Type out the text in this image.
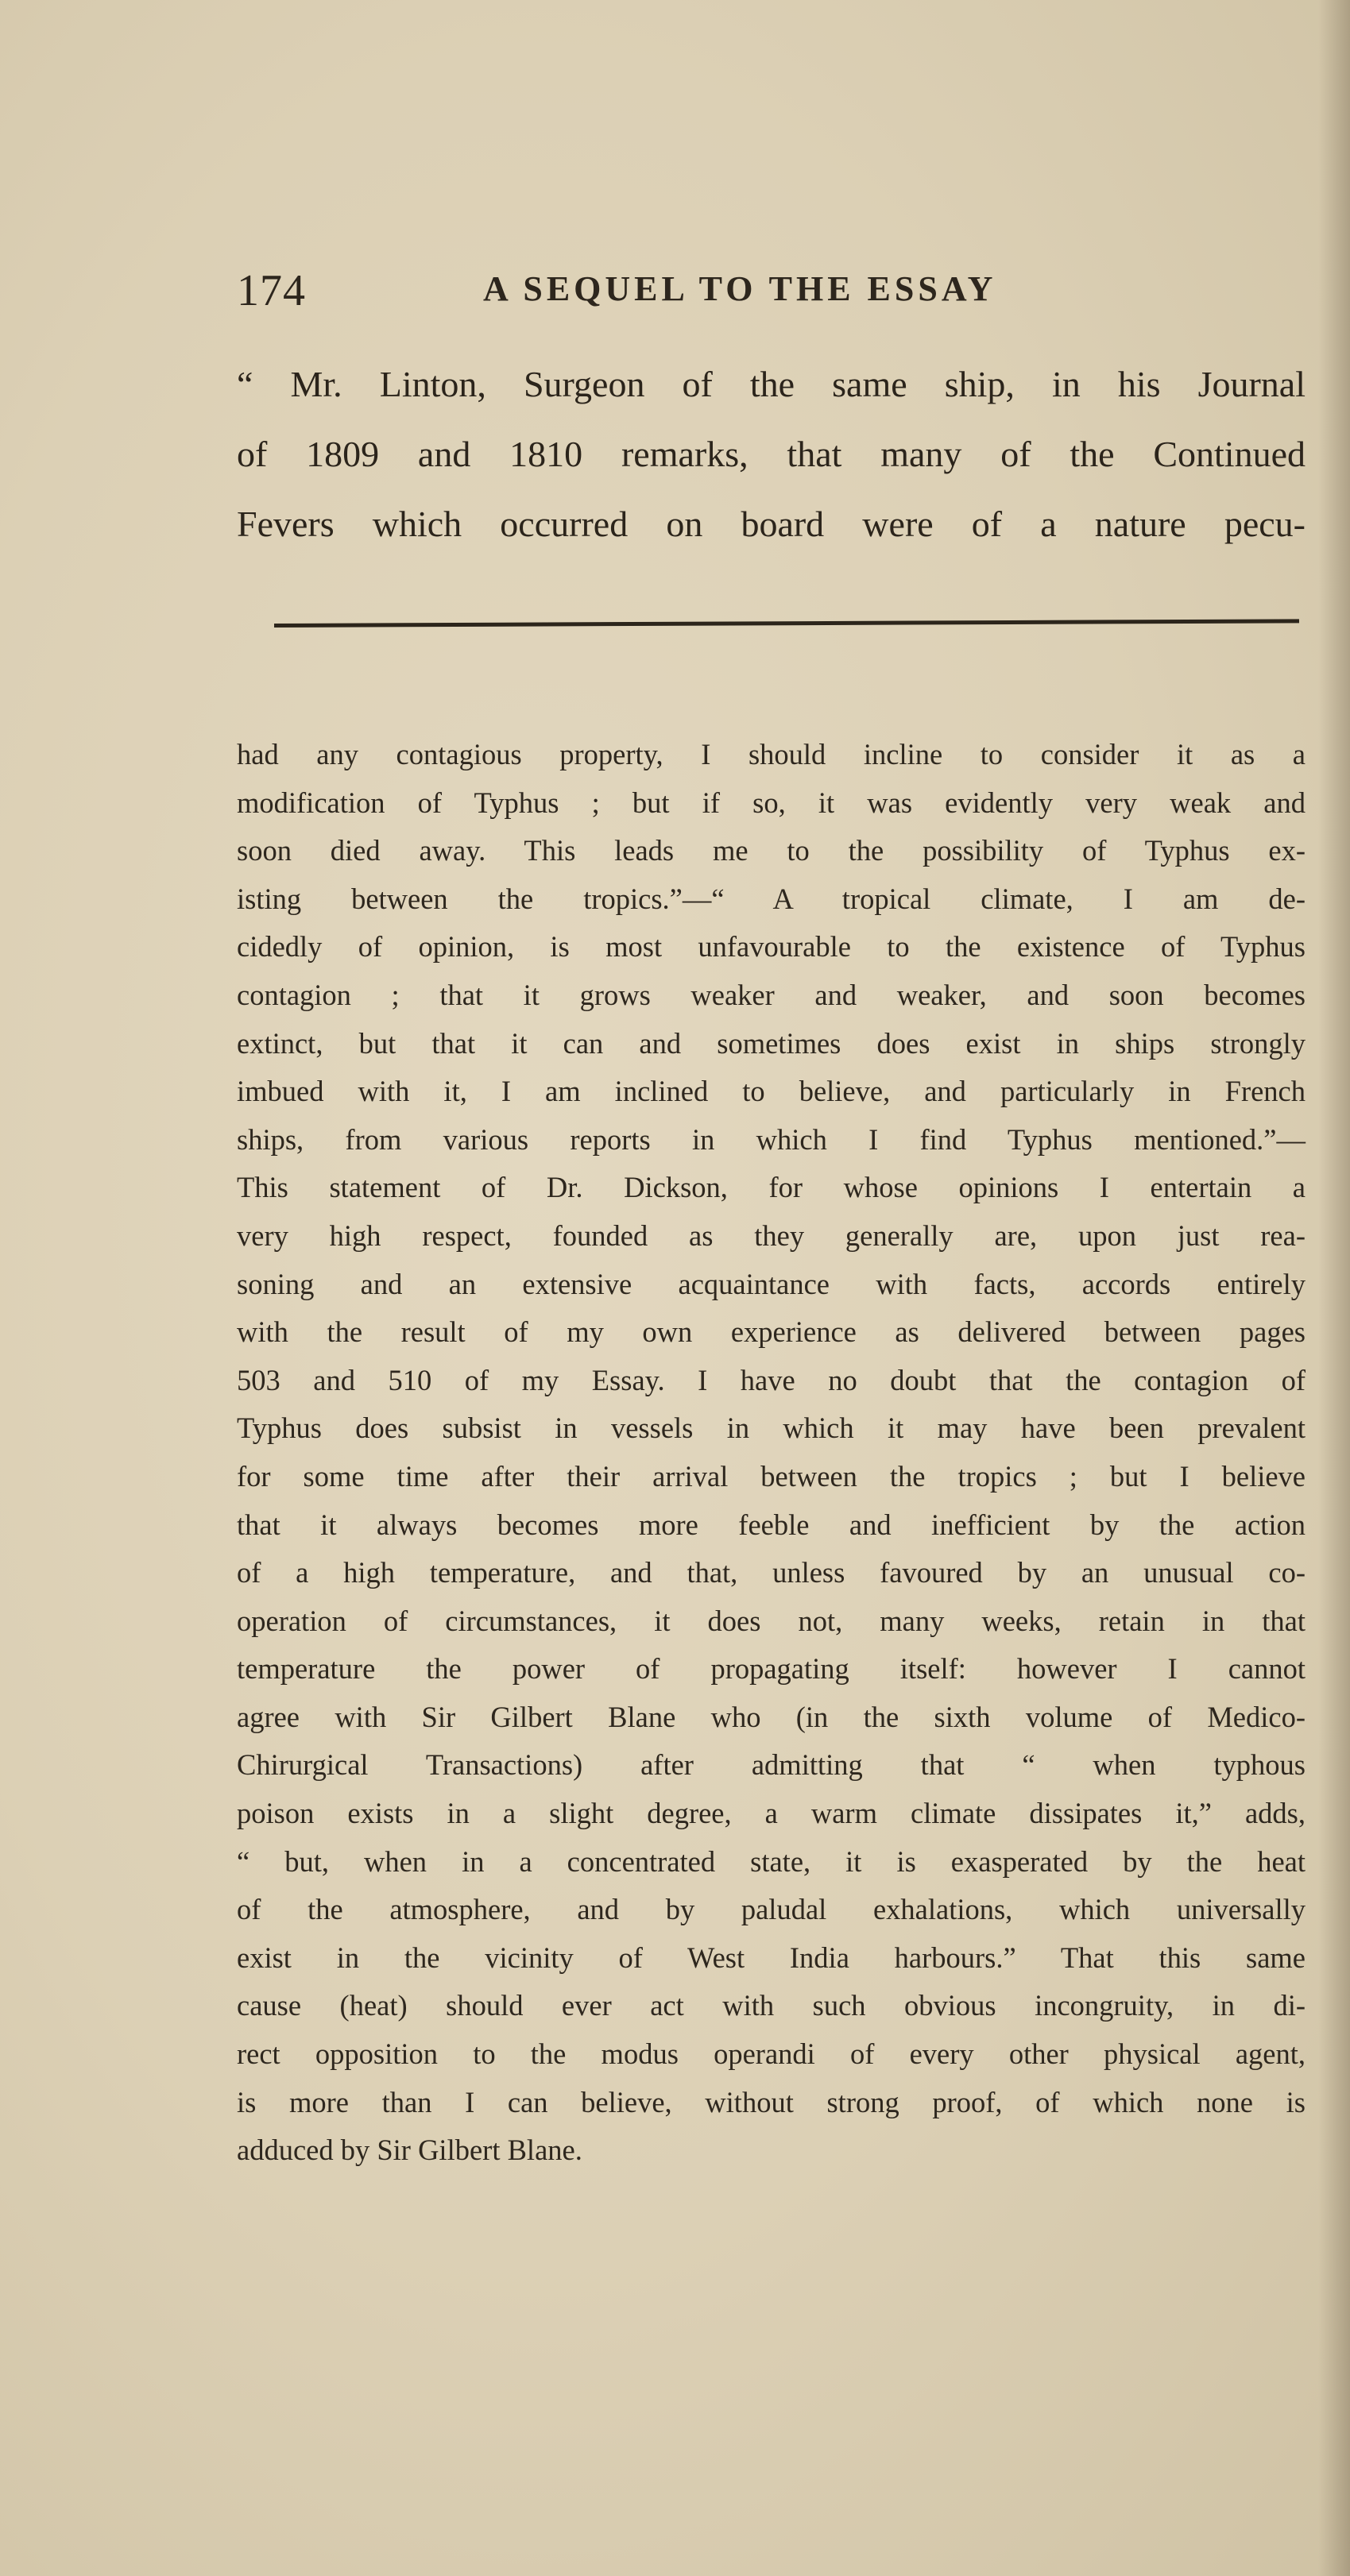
174	A SEQUEL TO THE ESSAY
“ Mr. Linton, Surgeon of the same ship, in his Journal
of 1809 and 1810 remarks, that many of the Continued
Fevers which occurred on board were of a nature pecu-
had any contagious property, I should incline to consider it as a
modification of Typhus ; but if so, it was evidently very weak and
soon died away. This leads me to the possibility of Typhus ex-
isting between the tropics.”—“ A tropical climate, I am de-
cidedly of opinion, is most unfavourable to the existence of Typhus
contagion ; that it grows weaker and weaker, and soon becomes
extinct, but that it can and sometimes does exist in ships strongly
imbued with it, I am inclined to believe, and particularly in French
ships, from various reports in which I find Typhus mentioned.”—
This statement of Dr. Dickson, for whose opinions I entertain a
very high respect, founded as they generally are, upon just rea-
soning and an extensive acquaintance with facts, accords entirely
with the result of my own experience as delivered between pages
503 and 510 of my Essay. I have no doubt that the contagion of
Typhus does subsist in vessels in which it may have been prevalent
for some time after their arrival between the tropics ; but I believe
that it always becomes more feeble and inefficient by the action
of a high temperature, and that, unless favoured by an unusual co-
operation of circumstances, it does not, many weeks, retain in that
temperature the power of propagating itself: however I cannot
agree with Sir Gilbert Blane who (in the sixth volume of Medico-
Chirurgical Transactions) after admitting that “ when typhous
poison exists in a slight degree, a warm climate dissipates it,” adds,
“ but, when in a concentrated state, it is exasperated by the heat
of the atmosphere, and by paludal exhalations, which universally
exist in the vicinity of West India harbours.” That this same
cause (heat) should ever act with such obvious incongruity, in di-
rect opposition to the modus operandi of every other physical agent,
is more than I can believe, without strong proof, of which none is
adduced by Sir Gilbert Blane.
